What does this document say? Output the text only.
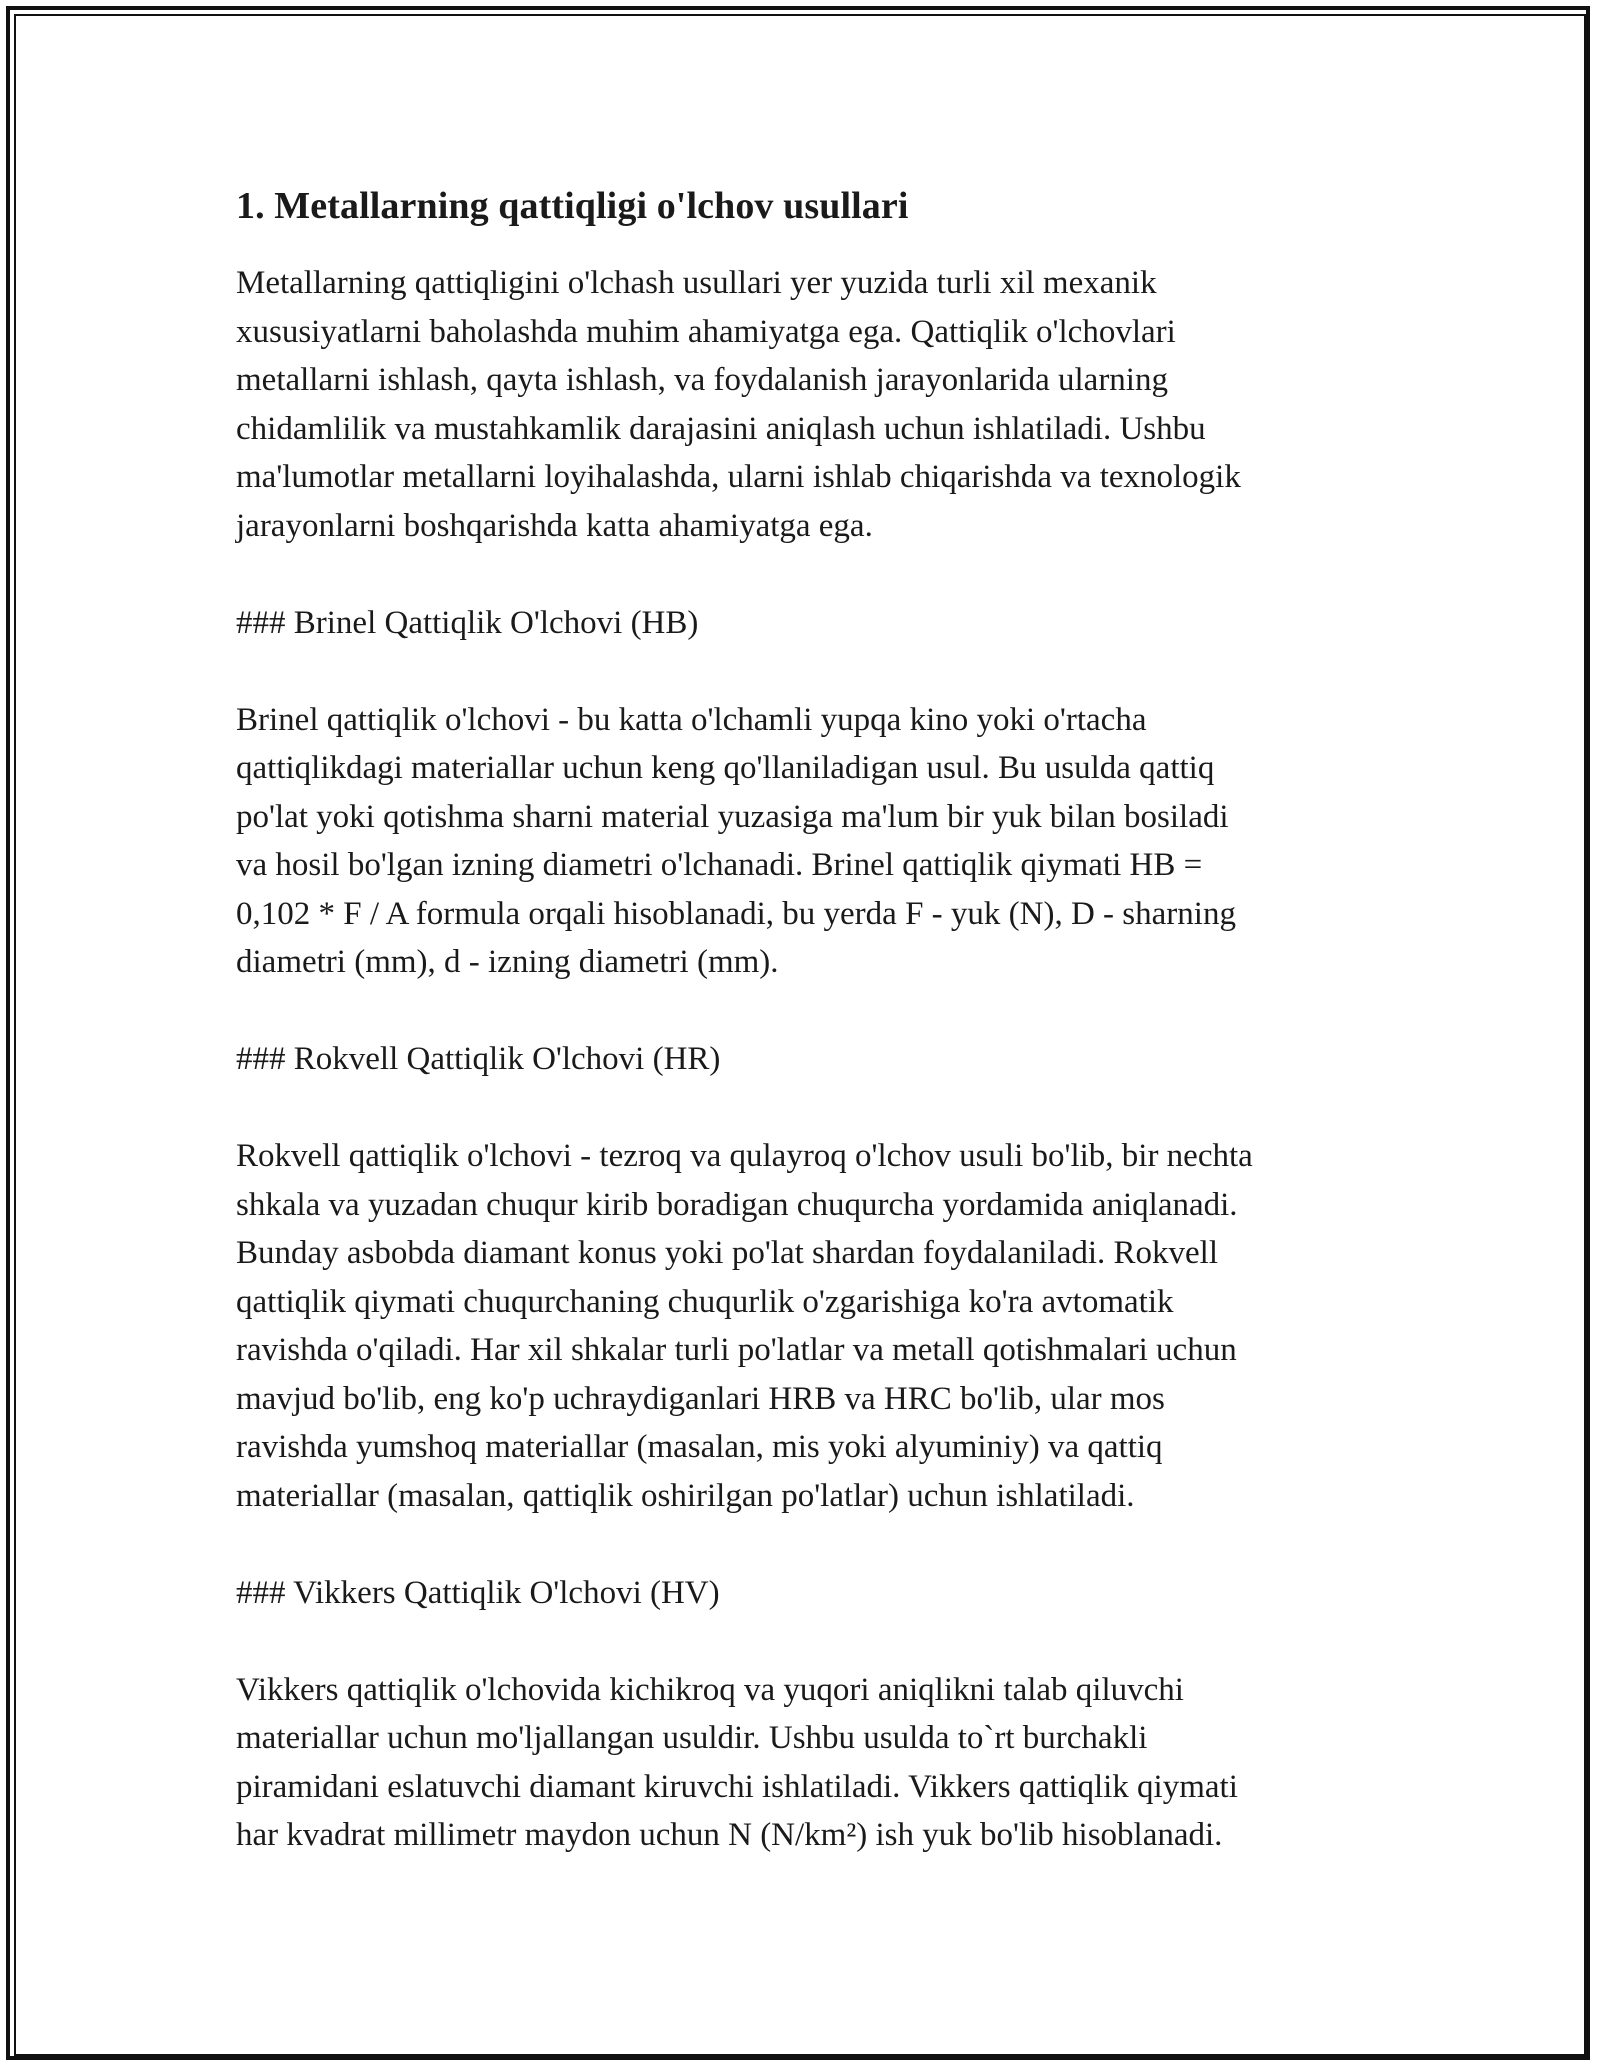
1. Metallarning qattiqligi o'lchov usullari

Metallarning qattiqligini o'lchash usullari yer yuzida turli xil mexanik
xususiyatlarni baholashda muhim ahamiyatga ega. Qattiqlik o'lchovlari
metallarni ishlash, qayta ishlash, va foydalanish jarayonlarida ularning
chidamlilik va mustahkamlik darajasini aniqlash uchun ishlatiladi. Ushbu
ma'lumotlar metallarni loyihalashda, ularni ishlab chiqarishda va texnologik
jarayonlarni boshqarishda katta ahamiyatga ega.

### Brinel Qattiqlik O'lchovi (HB)

Brinel qattiqlik o'lchovi - bu katta o'lchamli yupqa kino yoki o'rtacha
qattiqlikdagi materiallar uchun keng qo'llaniladigan usul. Bu usulda qattiq
po'lat yoki qotishma sharni material yuzasiga ma'lum bir yuk bilan bosiladi
va hosil bo'lgan izning diametri o'lchanadi. Brinel qattiqlik qiymati HB =
0,102 * F / A formula orqali hisoblanadi, bu yerda F - yuk (N), D - sharning
diametri (mm), d - izning diametri (mm).

### Rokvell Qattiqlik O'lchovi (HR)

Rokvell qattiqlik o'lchovi - tezroq va qulayroq o'lchov usuli bo'lib, bir nechta
shkala va yuzadan chuqur kirib boradigan chuqurcha yordamida aniqlanadi.
Bunday asbobda diamant konus yoki po'lat shardan foydalaniladi. Rokvell
qattiqlik qiymati chuqurchaning chuqurlik o'zgarishiga ko'ra avtomatik
ravishda o'qiladi. Har xil shkalar turli po'latlar va metall qotishmalari uchun
mavjud bo'lib, eng ko'p uchraydiganlari HRB va HRC bo'lib, ular mos
ravishda yumshoq materiallar (masalan, mis yoki alyuminiy) va qattiq
materiallar (masalan, qattiqlik oshirilgan po'latlar) uchun ishlatiladi.

### Vikkers Qattiqlik O'lchovi (HV)

Vikkers qattiqlik o'lchovida kichikroq va yuqori aniqlikni talab qiluvchi
materiallar uchun mo'ljallangan usuldir. Ushbu usulda to`rt burchakli
piramidani eslatuvchi diamant kiruvchi ishlatiladi. Vikkers qattiqlik qiymati
har kvadrat millimetr maydon uchun N (N/km²) ish yuk bo'lib hisoblanadi.
